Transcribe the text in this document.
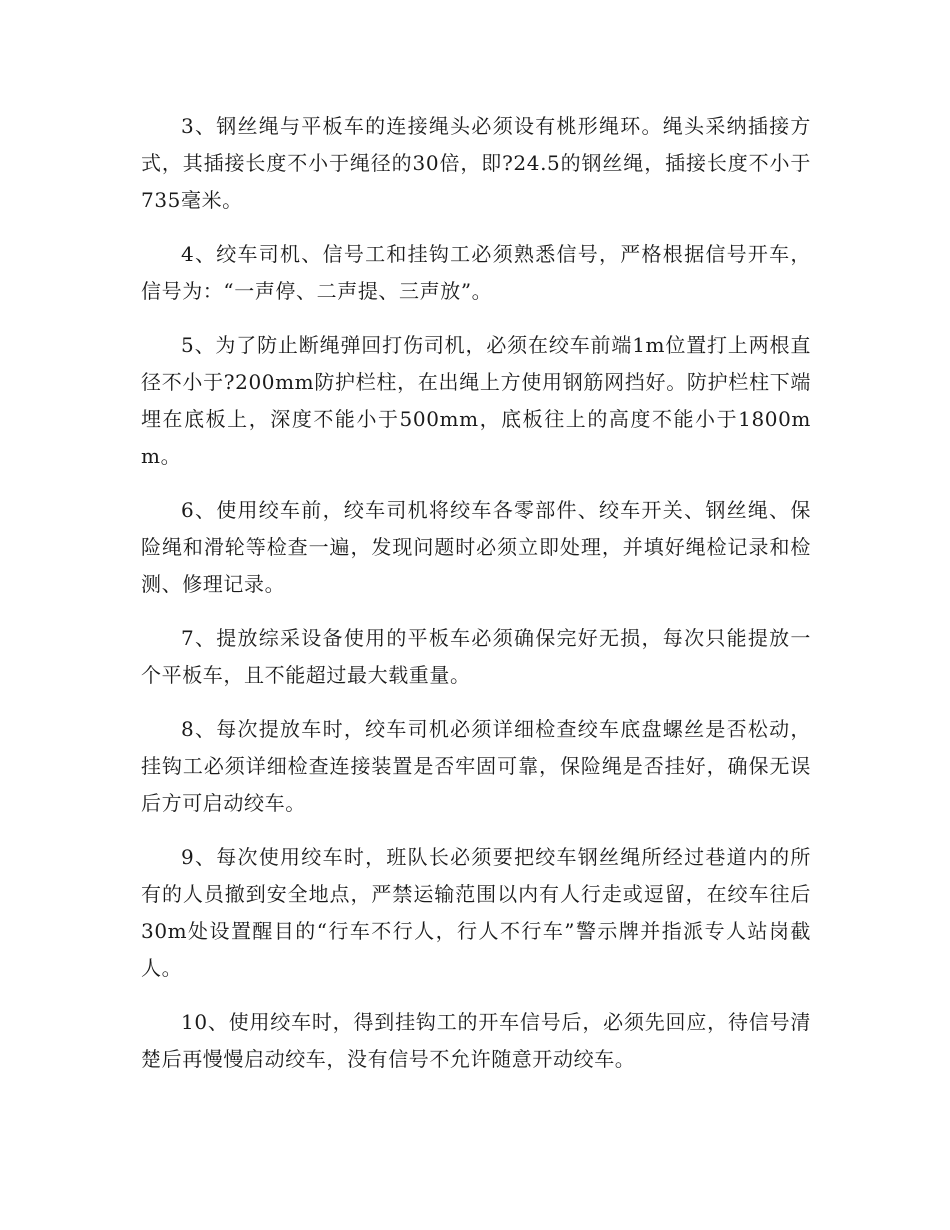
3、钢丝绳与平板车的连接绳头必须设有桃形绳环。绳头采纳插接方式，其插接长度不小于绳径的30倍，即?24.5的钢丝绳，插接长度不小于735毫米。

4、绞车司机、信号工和挂钩工必须熟悉信号，严格根据信号开车，信号为：“一声停、二声提、三声放”。

5、为了防止断绳弹回打伤司机，必须在绞车前端1m位置打上两根直径不小于?200mm防护栏柱，在出绳上方使用钢筋网挡好。防护栏柱下端埋在底板上，深度不能小于500mm，底板往上的高度不能小于1800mm。

6、使用绞车前，绞车司机将绞车各零部件、绞车开关、钢丝绳、保险绳和滑轮等检查一遍，发现问题时必须立即处理，并填好绳检记录和检测、修理记录。

7、提放综采设备使用的平板车必须确保完好无损，每次只能提放一个平板车，且不能超过最大载重量。

8、每次提放车时，绞车司机必须详细检查绞车底盘螺丝是否松动，挂钩工必须详细检查连接装置是否牢固可靠，保险绳是否挂好，确保无误后方可启动绞车。

9、每次使用绞车时，班队长必须要把绞车钢丝绳所经过巷道内的所有的人员撤到安全地点，严禁运输范围以内有人行走或逗留，在绞车往后30m处设置醒目的“行车不行人，行人不行车”警示牌并指派专人站岗截人。

10、使用绞车时，得到挂钩工的开车信号后，必须先回应，待信号清楚后再慢慢启动绞车，没有信号不允许随意开动绞车。
